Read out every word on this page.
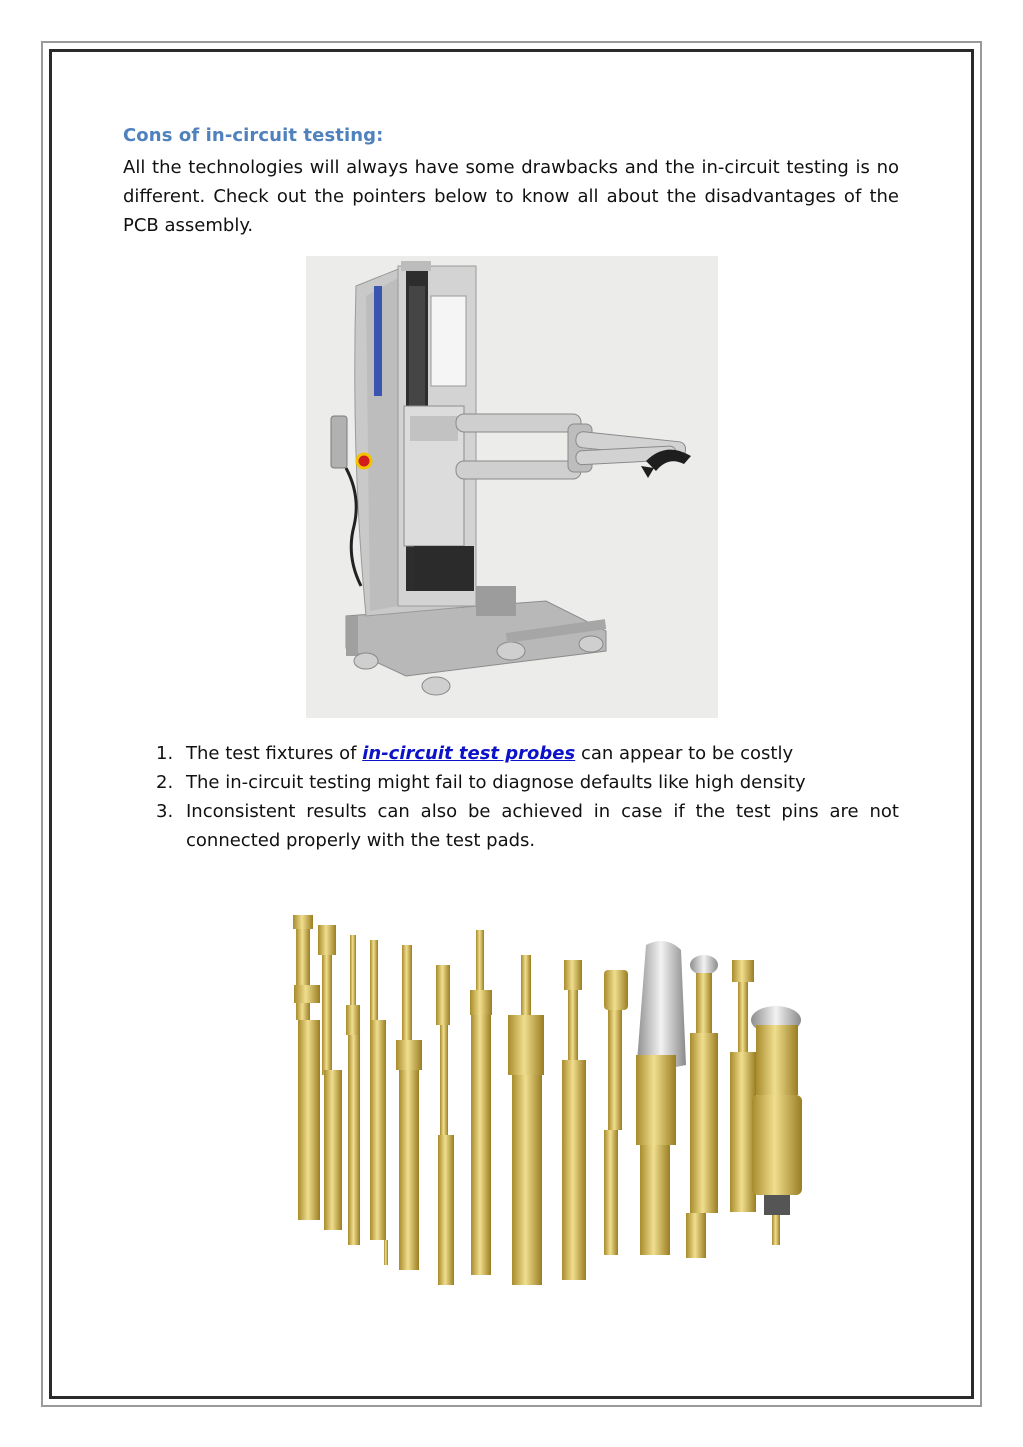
Cons of in-circuit testing:

All the technologies will always have some drawbacks and the in-circuit testing is no different. Check out the pointers below to know all about the disadvantages of the PCB assembly.

1. The test fixtures of in-circuit test probes can appear to be costly
2. The in-circuit testing might fail to diagnose defaults like high density
3. Inconsistent results can also be achieved in case if the test pins are not connected properly with the test pads.
